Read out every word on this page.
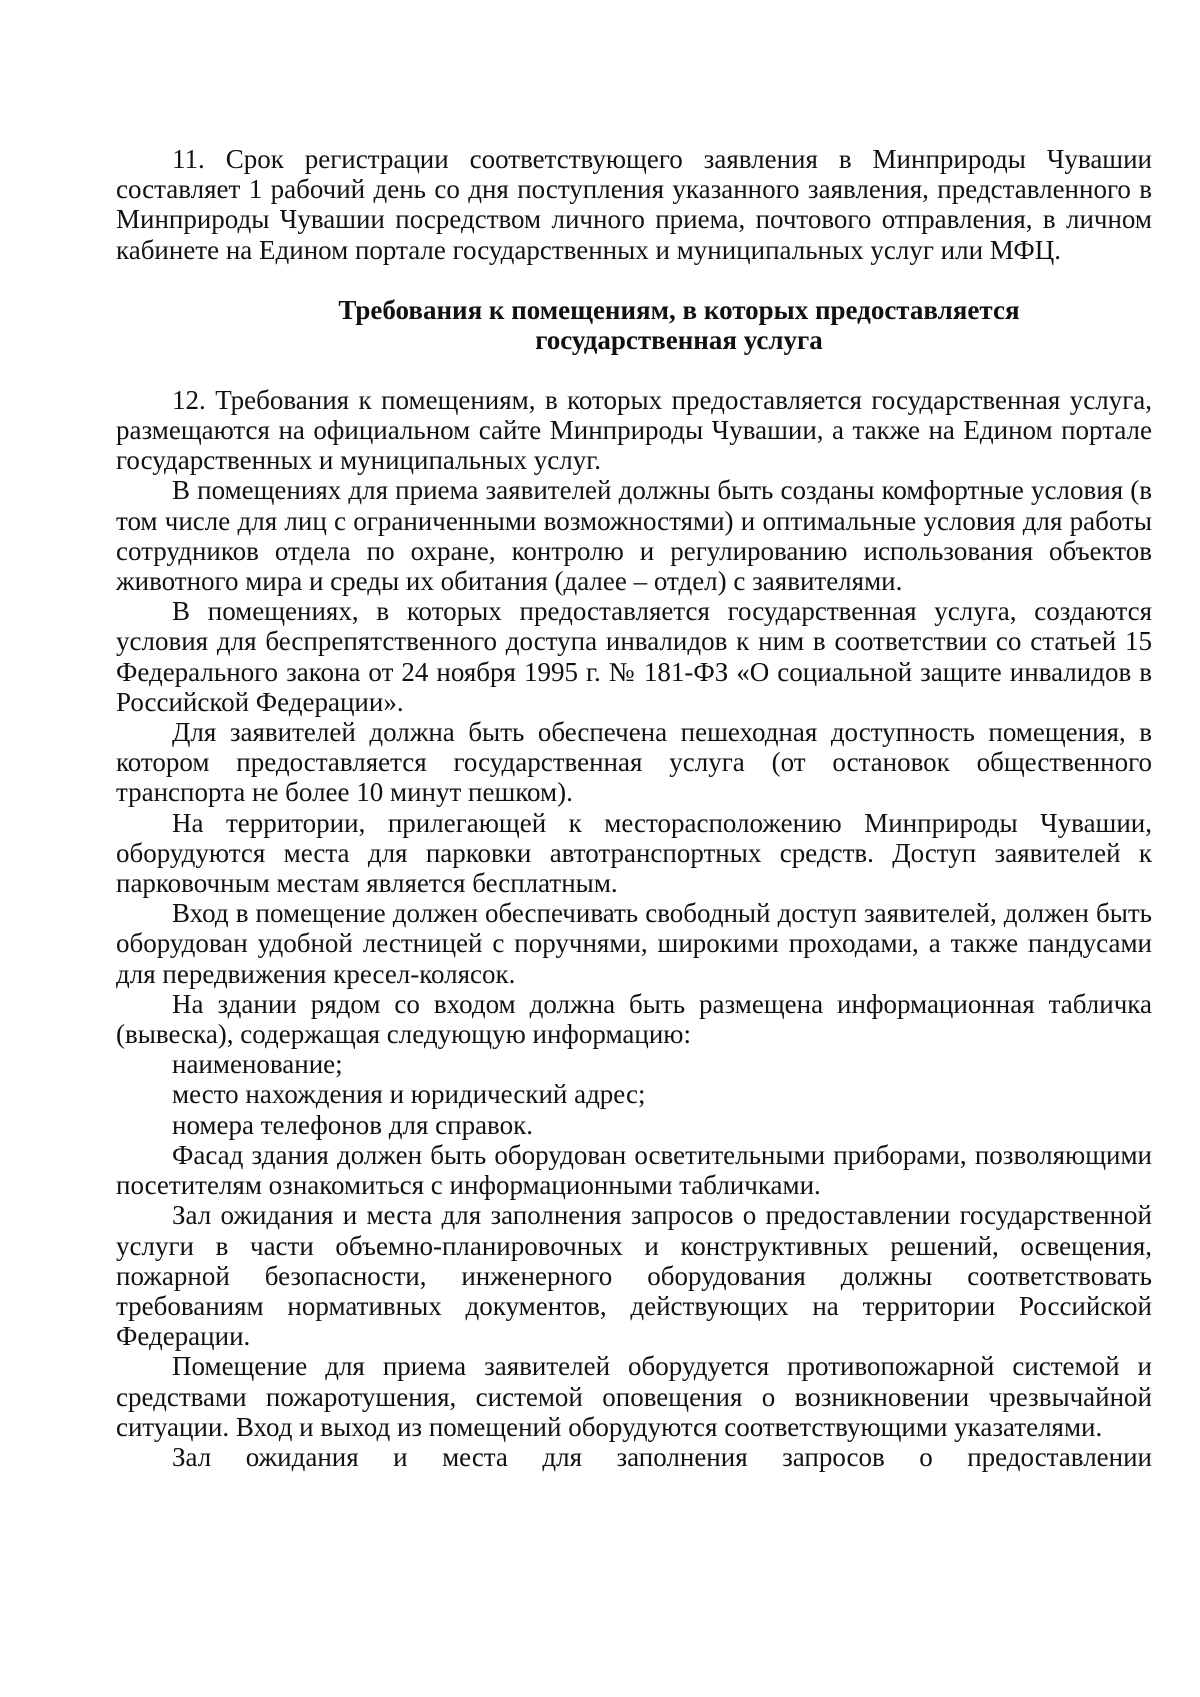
11. Срок регистрации соответствующего заявления в Минприроды Чувашии составляет 1 рабочий день со дня поступления указанного заявления, представленного в Минприроды Чувашии посредством личного приема, почтового отправления, в личном кабинете на Едином портале государственных и муниципальных услуг или МФЦ.

Требования к помещениям, в которых предоставляется
государственная услуга

12. Требования к помещениям, в которых предоставляется государственная услуга, размещаются на официальном сайте Минприроды Чувашии, а также на Едином портале государственных и муниципальных услуг.

В помещениях для приема заявителей должны быть созданы комфортные условия (в том числе для лиц с ограниченными возможностями) и оптимальные условия для работы сотрудников отдела по охране, контролю и регулированию использования объектов животного мира и среды их обитания (далее – отдел) с заявителями.

В помещениях, в которых предоставляется государственная услуга, создаются условия для беспрепятственного доступа инвалидов к ним в соответствии со статьей 15 Федерального закона от 24 ноября 1995 г. № 181-ФЗ «О социальной защите инвалидов в Российской Федерации».

Для заявителей должна быть обеспечена пешеходная доступность помещения, в котором предоставляется государственная услуга (от остановок общественного транспорта не более 10 минут пешком).

На территории, прилегающей к месторасположению Минприроды Чувашии, оборудуются места для парковки автотранспортных средств. Доступ заявителей к парковочным местам является бесплатным.

Вход в помещение должен обеспечивать свободный доступ заявителей, должен быть оборудован удобной лестницей с поручнями, широкими проходами, а также пандусами для передвижения кресел-колясок.

На здании рядом со входом должна быть размещена информационная табличка (вывеска), содержащая следующую информацию:

наименование;

место нахождения и юридический адрес;

номера телефонов для справок.

Фасад здания должен быть оборудован осветительными приборами, позволяющими посетителям ознакомиться с информационными табличками.

Зал ожидания и места для заполнения запросов о предоставлении государственной услуги в части объемно-планировочных и конструктивных решений, освещения, пожарной безопасности, инженерного оборудования должны соответствовать требованиям нормативных документов, действующих на территории Российской Федерации.

Помещение для приема заявителей оборудуется противопожарной системой и средствами пожаротушения, системой оповещения о возникновении чрезвычайной ситуации. Вход и выход из помещений оборудуются соответствующими указателями.

Зал ожидания и места для заполнения запросов о предоставлении
